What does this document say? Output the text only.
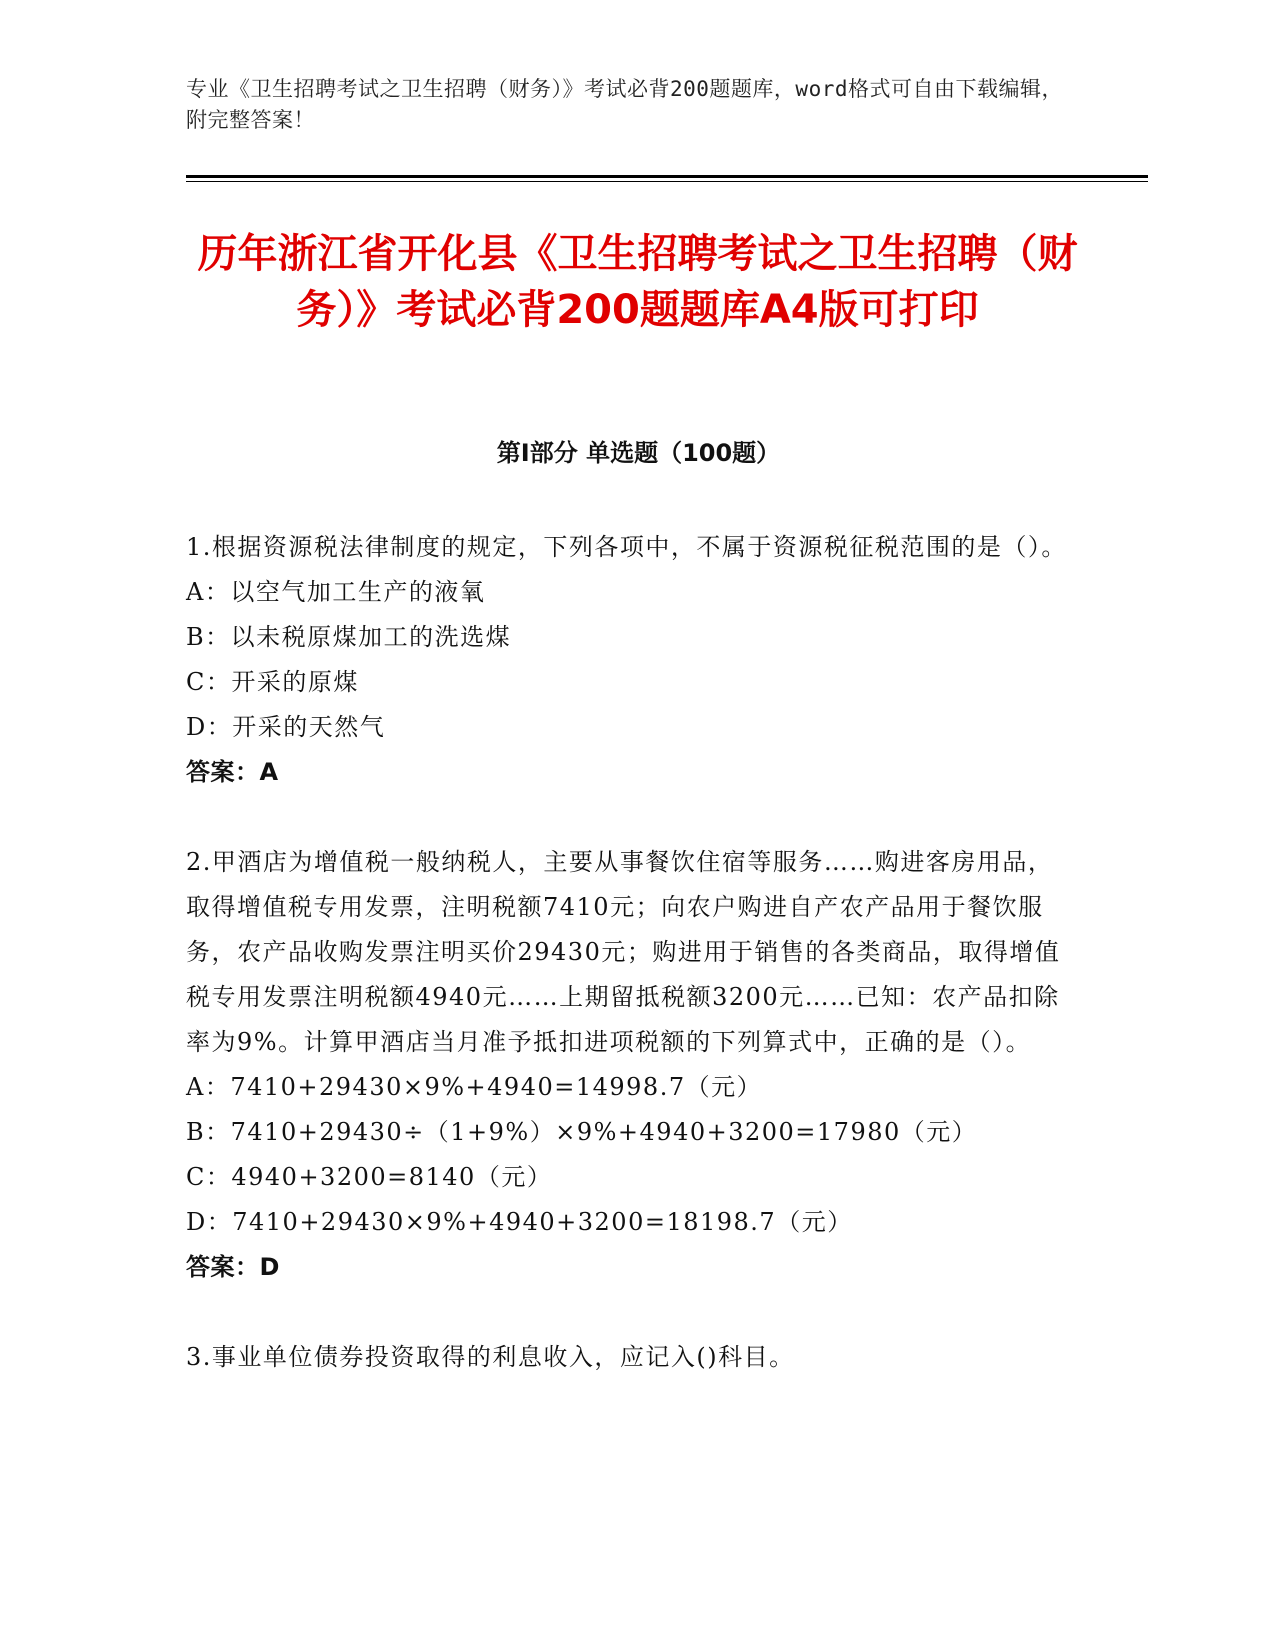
专业《卫生招聘考试之卫生招聘（财务）》考试必背200题题库，word格式可自由下载编辑，附完整答案！
历年浙江省开化县《卫生招聘考试之卫生招聘（财务）》考试必背200题题库A4版可打印
第Ⅰ部分 单选题（100题）

1.根据资源税法律制度的规定，下列各项中，不属于资源税征税范围的是（）。

A：以空气加工生产的液氧

B：以未税原煤加工的洗选煤

C：开采的原煤

D：开采的天然气

答案：A

2.甲酒店为增值税一般纳税人，主要从事餐饮住宿等服务……购进客房用品，取得增值税专用发票，注明税额7410元；向农户购进自产农产品用于餐饮服务，农产品收购发票注明买价29430元；购进用于销售的各类商品，取得增值税专用发票注明税额4940元……上期留抵税额3200元……已知：农产品扣除率为9%。计算甲酒店当月准予抵扣进项税额的下列算式中，正确的是（）。

A：7410+29430×9%+4940=14998.7（元）

B：7410+29430÷（1+9%）×9%+4940+3200=17980（元）

C：4940+3200=8140（元）

D：7410+29430×9%+4940+3200=18198.7（元）

答案：D

3.事业单位债券投资取得的利息收入，应记入()科目。
